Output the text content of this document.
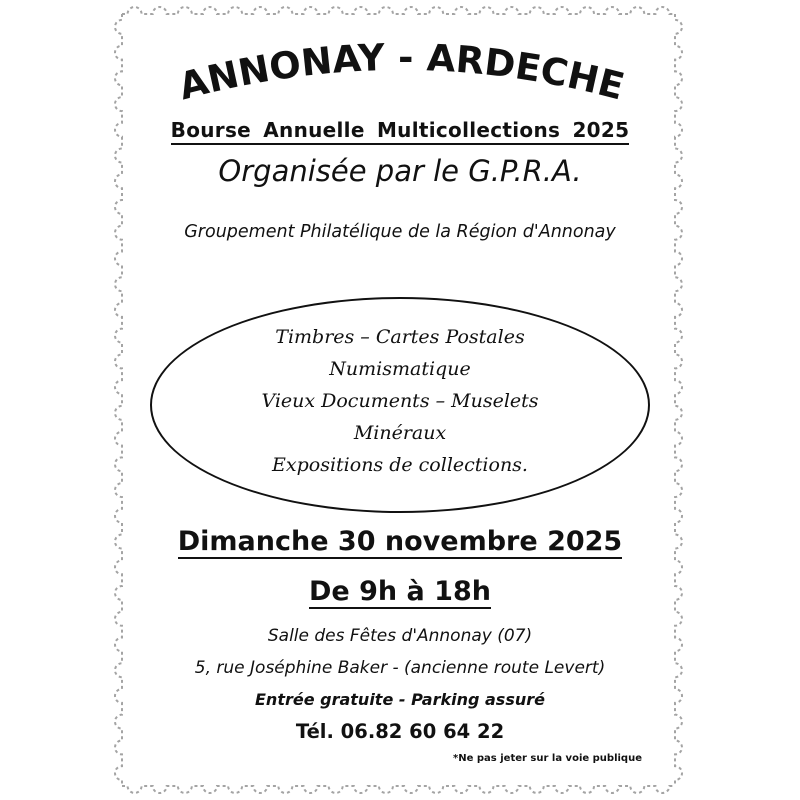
ANNONAY - ARDECHE
Bourse Annuelle Multicollections 2025
Organisée par le G.P.R.A.
Groupement Philatélique de la Région d'Annonay
Timbres – Cartes Postales
Numismatique
Vieux Documents – Muselets
Minéraux
Expositions de collections.
Dimanche 30 novembre 2025
De 9h à 18h
Salle des Fêtes d'Annonay (07)
5, rue Joséphine Baker - (ancienne route Levert)
Entrée gratuite - Parking assuré
Tél. 06.82 60 64 22
*Ne pas jeter sur la voie publique
